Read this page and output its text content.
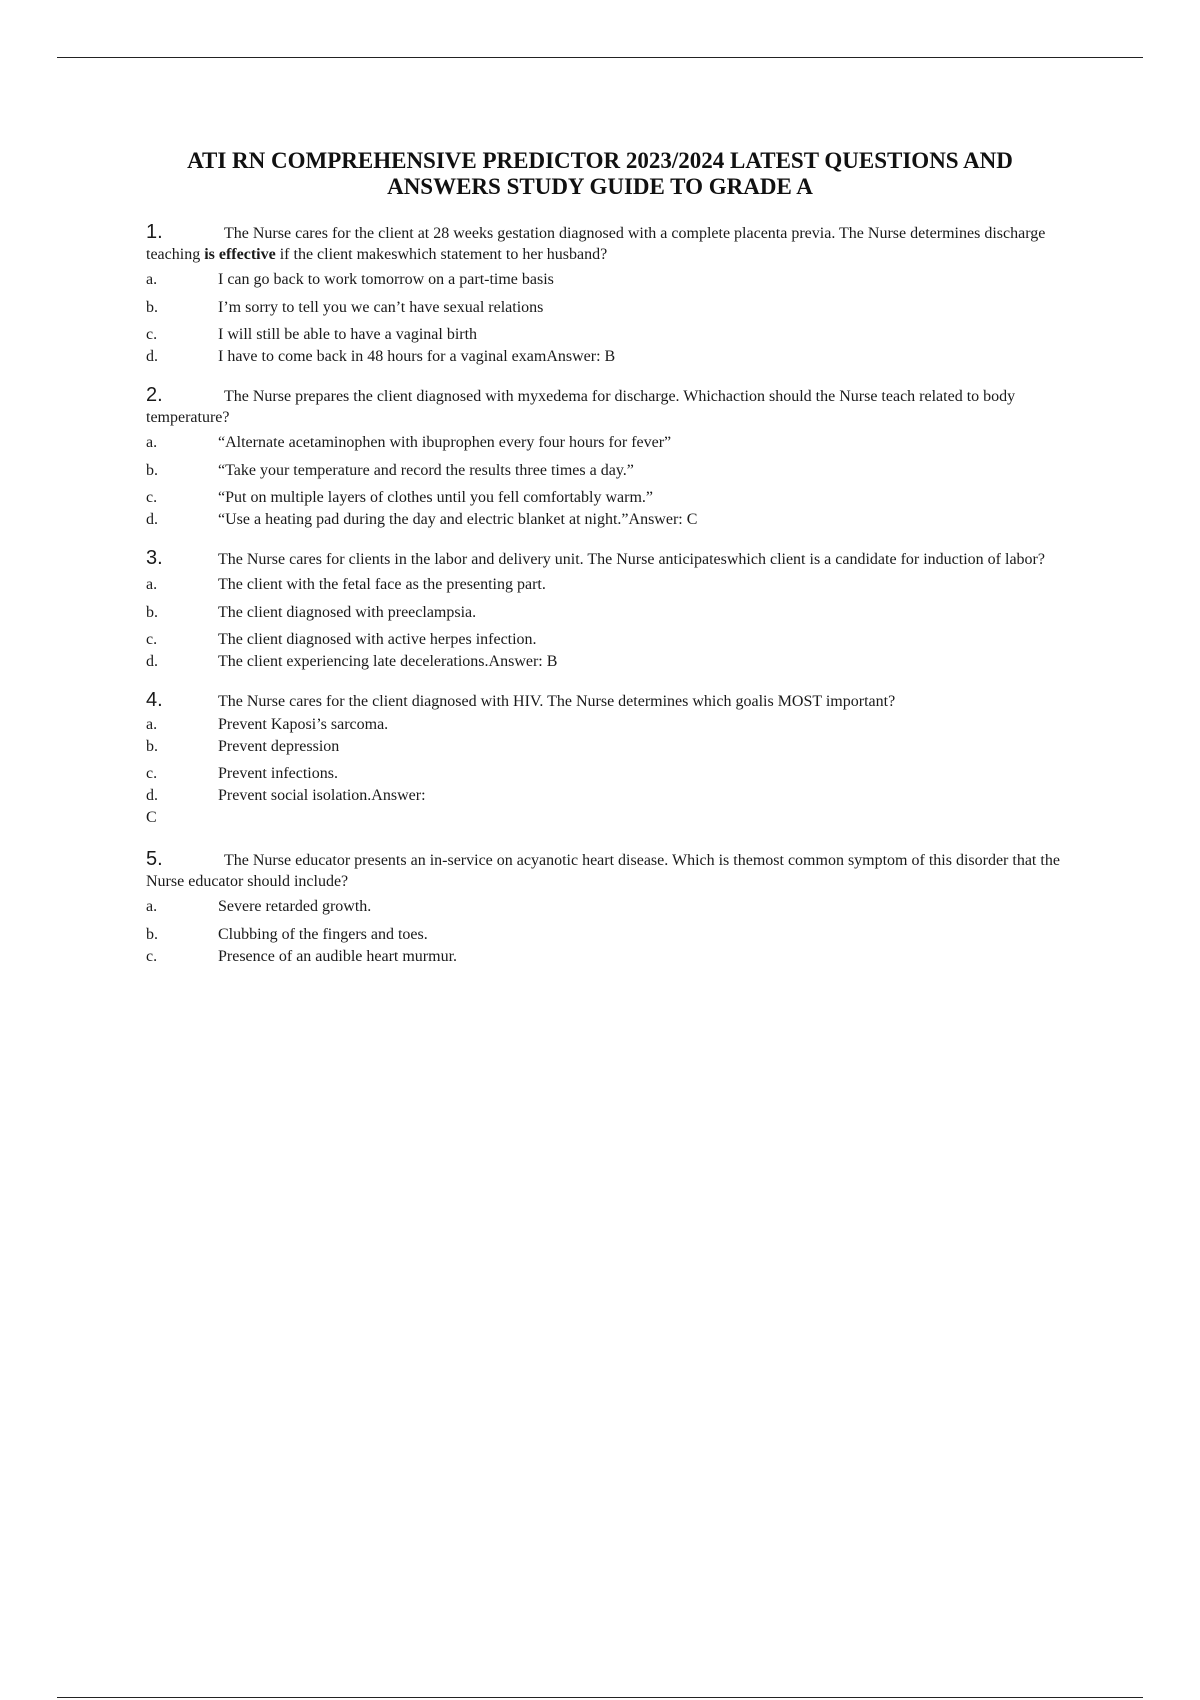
ATI RN COMPREHENSIVE PREDICTOR 2023/2024 LATEST QUESTIONS AND ANSWERS STUDY GUIDE TO GRADE A

1.	The Nurse cares for the client at 28 weeks gestation diagnosed with a complete placenta previa. The Nurse determines discharge teaching is effective if the client makeswhich statement to her husband?

a.	I can go back to work tomorrow on a part-time basis
b.	I’m sorry to tell you we can’t have sexual relations
c.	I will still be able to have a vaginal birth
d.	I have to come back in 48 hours for a vaginal examAnswer: B

2.	The Nurse prepares the client diagnosed with myxedema for discharge. Whichaction should the Nurse teach related to body temperature?

a.	“Alternate acetaminophen with ibuprophen every four hours for fever”
b.	“Take your temperature and record the results three times a day.”
c.	“Put on multiple layers of clothes until you fell comfortably warm.”
d.	“Use a heating pad during the day and electric blanket at night.”Answer: C

3.	The Nurse cares for clients in the labor and delivery unit. The Nurse anticipateswhich client is a candidate for induction of labor?

a.	The client with the fetal face as the presenting part.
b.	The client diagnosed with preeclampsia.
c.	The client diagnosed with active herpes infection.
d.	The client experiencing late decelerations.Answer: B

4.	The Nurse cares for the client diagnosed with HIV. The Nurse determines which goalis MOST important?

a.	Prevent Kaposi’s sarcoma.
b.	Prevent depression
c.	Prevent infections.
d.	Prevent social isolation.Answer:
C

5.	The Nurse educator presents an in-service on acyanotic heart disease. Which is themost common symptom of this disorder that the Nurse educator should include?

a.	Severe retarded growth.
b.	Clubbing of the fingers and toes.
c.	Presence of an audible heart murmur.
